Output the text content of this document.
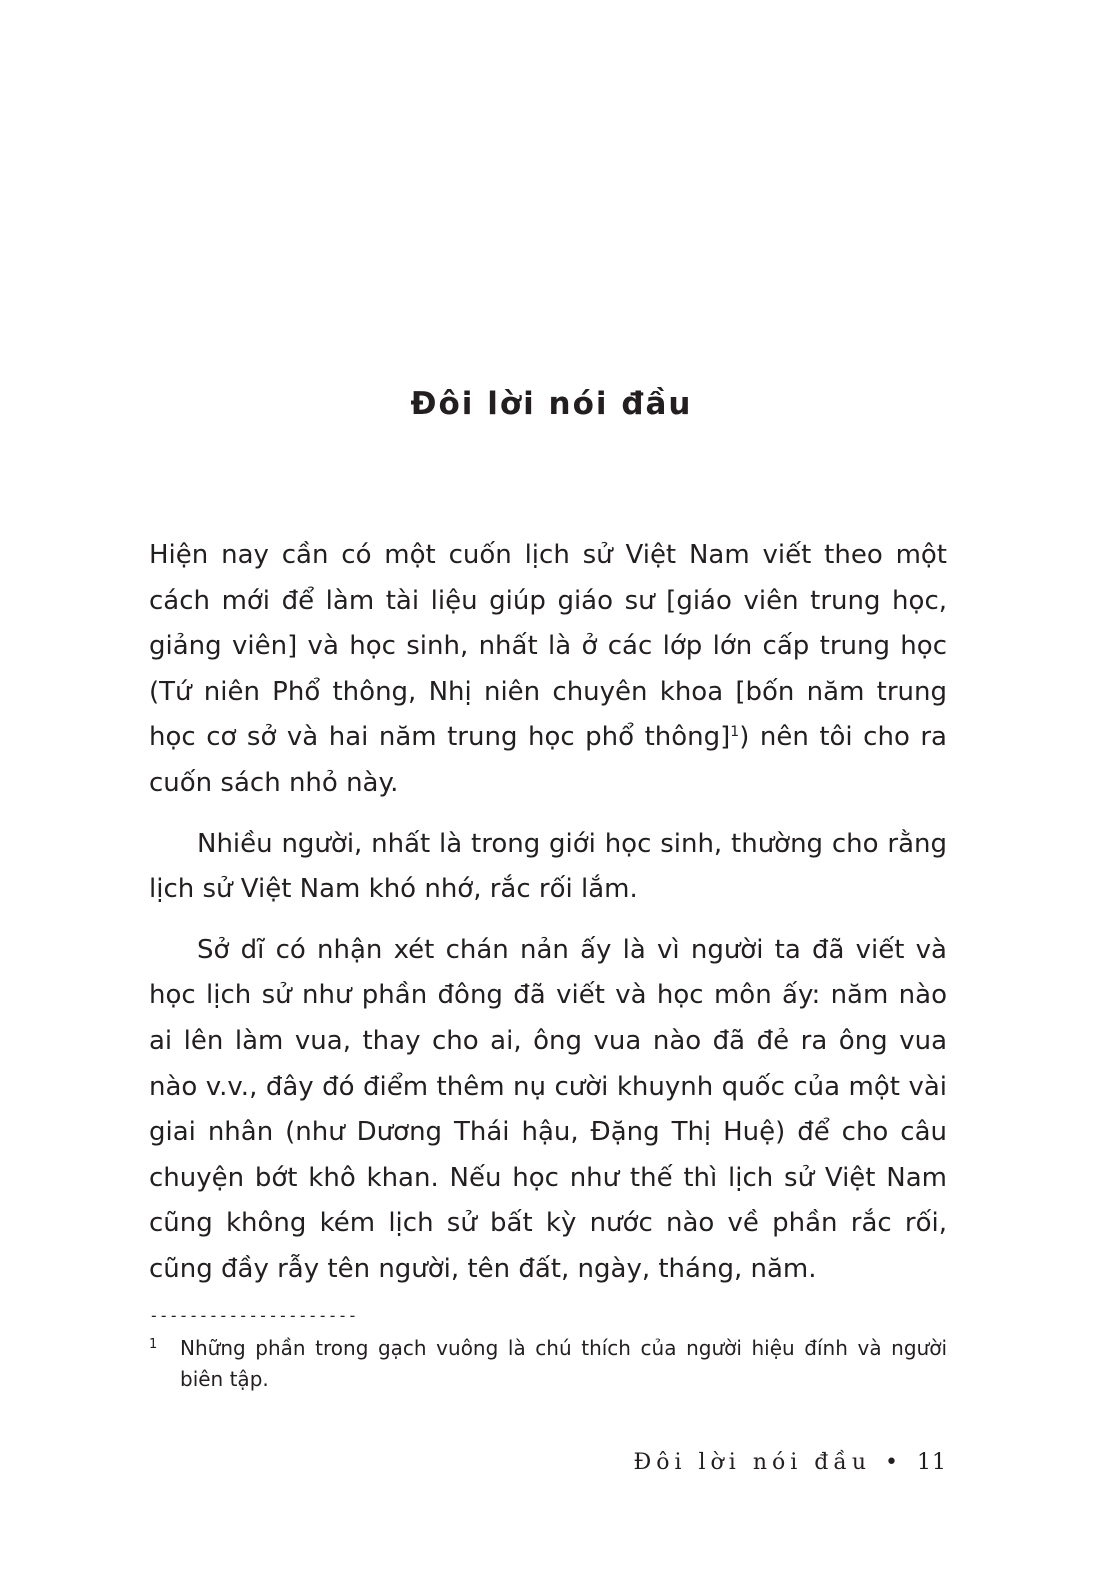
Đôi lời nói đầu

Hiện nay cần có một cuốn lịch sử Việt Nam viết theo một cách mới để làm tài liệu giúp giáo sư [giáo viên trung học, giảng viên] và học sinh, nhất là ở các lớp lớn cấp trung học (Tứ niên Phổ thông, Nhị niên chuyên khoa [bốn năm trung học cơ sở và hai năm trung học phổ thông]$^1$) nên tôi cho ra cuốn sách nhỏ này.

Nhiều người, nhất là trong giới học sinh, thường cho rằng lịch sử Việt Nam khó nhớ, rắc rối lắm.

Sở dĩ có nhận xét chán nản ấy là vì người ta đã viết và học lịch sử như phần đông đã viết và học môn ấy: năm nào ai lên làm vua, thay cho ai, ông vua nào đã đẻ ra ông vua nào v.v., đây đó điểm thêm nụ cười khuynh quốc của một vài giai nhân (như Dương Thái hậu, Đặng Thị Huệ) để cho câu chuyện bớt khô khan. Nếu học như thế thì lịch sử Việt Nam cũng không kém lịch sử bất kỳ nước nào về phần rắc rối, cũng đầy rẫy tên người, tên đất, ngày, tháng, năm.

---------------------
1 Những phần trong gạch vuông là chú thích của người hiệu đính và người biên tập.
Đôi lời nói đầu • 11
